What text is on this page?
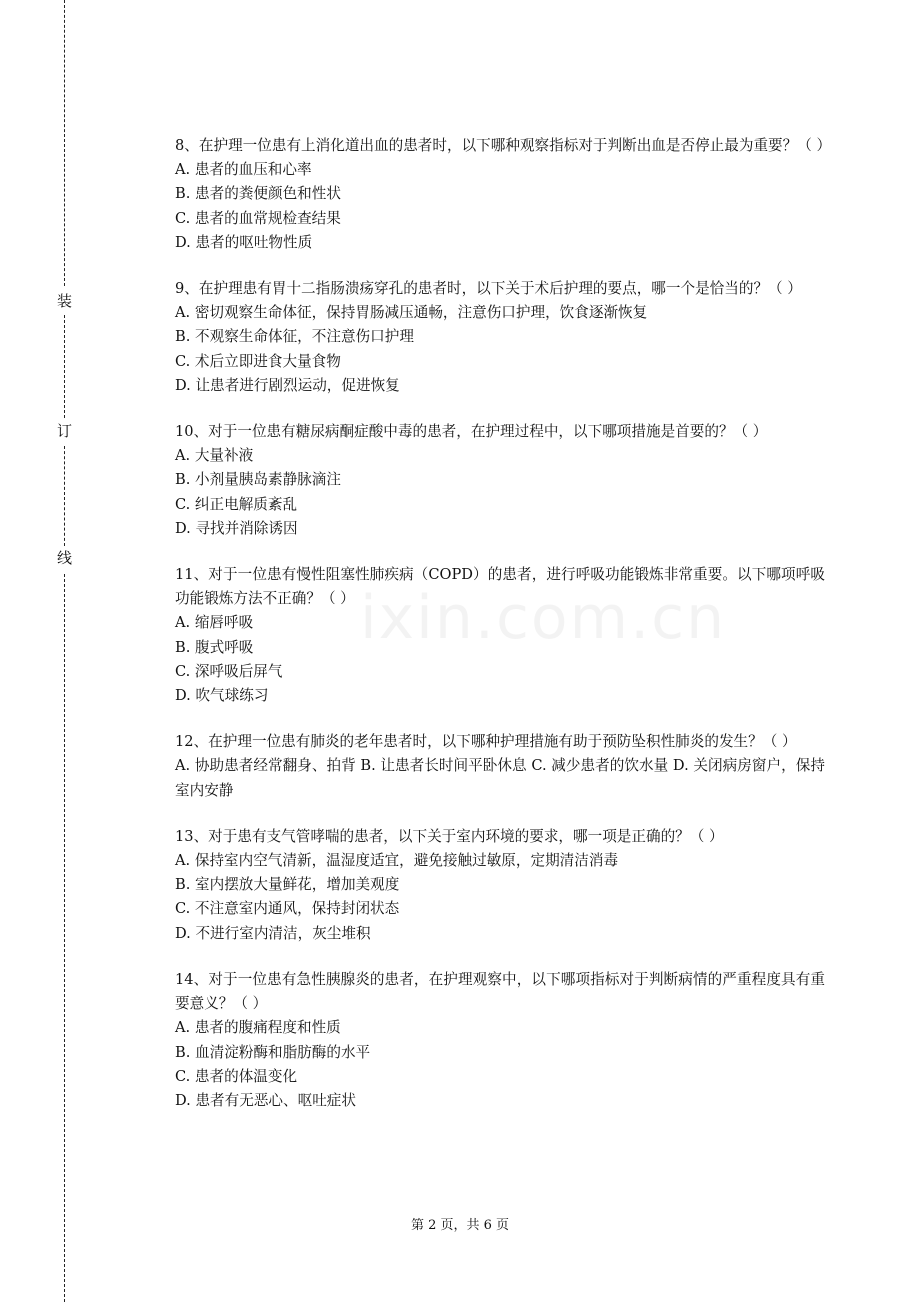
装
订
线
8、在护理一位患有上消化道出血的患者时，以下哪种观察指标对于判断出血是否停止最为重要？（ ）
A. 患者的血压和心率
B. 患者的粪便颜色和性状
C. 患者的血常规检查结果
D. 患者的呕吐物性质
9、在护理患有胃十二指肠溃疡穿孔的患者时，以下关于术后护理的要点，哪一个是恰当的？（ ）
A. 密切观察生命体征，保持胃肠减压通畅，注意伤口护理，饮食逐渐恢复
B. 不观察生命体征，不注意伤口护理
C. 术后立即进食大量食物
D. 让患者进行剧烈运动，促进恢复
10、对于一位患有糖尿病酮症酸中毒的患者，在护理过程中，以下哪项措施是首要的？（ ）
A. 大量补液
B. 小剂量胰岛素静脉滴注
C. 纠正电解质紊乱
D. 寻找并消除诱因
11、对于一位患有慢性阻塞性肺疾病（COPD）的患者，进行呼吸功能锻炼非常重要。以下哪项呼吸功能锻炼方法不正确？（ ）
A. 缩唇呼吸
B. 腹式呼吸
C. 深呼吸后屏气
D. 吹气球练习
12、在护理一位患有肺炎的老年患者时，以下哪种护理措施有助于预防坠积性肺炎的发生？（ ）
A. 协助患者经常翻身、拍背 B. 让患者长时间平卧休息 C. 减少患者的饮水量 D. 关闭病房窗户，保持室内安静
13、对于患有支气管哮喘的患者，以下关于室内环境的要求，哪一项是正确的？（ ）
A. 保持室内空气清新，温湿度适宜，避免接触过敏原，定期清洁消毒
B. 室内摆放大量鲜花，增加美观度
C. 不注意室内通风，保持封闭状态
D. 不进行室内清洁，灰尘堆积
14、对于一位患有急性胰腺炎的患者，在护理观察中，以下哪项指标对于判断病情的严重程度具有重要意义？（ ）
A. 患者的腹痛程度和性质
B. 血清淀粉酶和脂肪酶的水平
C. 患者的体温变化
D. 患者有无恶心、呕吐症状
第 2 页，共 6 页
